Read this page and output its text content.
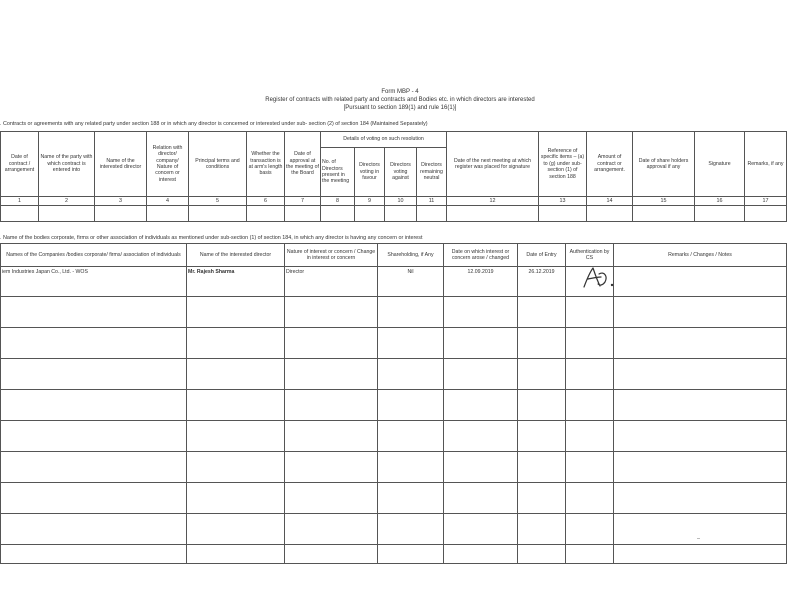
Form MBP - 4
Register of contracts with related party and contracts and Bodies etc. in which directors are interested
[Pursuant to section 189(1) and rule 16(1)]
. Contracts or agreements with any related party under section 188 or in which any director is concerned or interested under sub- section (2) of section 184 (Maintained Separately)
Date of contract / arrangement	Name of the party with which contract is entered into	Name of the interested director	Relation with director/ company/ Nature of concern or interest	Principal terms and conditions	Whether the transaction is at arm's length basis	Date of approval at the meeting of the Board	Details of voting on such resolution				Date of the next meeting at which register was placed for signature	Reference of specific items – (a) to (g) under sub-section (1) of section 188	Amount of contract or arrangement.	Date of share holders approval if any	Signature	Remarks, if any
							No. of Directors present in the meeting	Directors voting in favour	Directors voting against	Directors remaining neutral						
1	2	3	4	5	6	7	8	9	10	11	12	13	14	15	16	17

. Name of the bodies corporate, firms or other association of individuals as mentioned under sub-section (1) of section 184, in which any director is having any concern or interest
Names of the Companies /bodies corporate/ firms/ association of individuals	Name of the interested director	Nature of interest or concern / Change in interest or concern	Shareholding, if Any	Date on which interest or concern arose / changed	Date of Entry	Authentication by CS	Remarks / Changes / Notes
iem Industries Japan Co., Ltd. - WOS	Mr. Rajesh Sharma	Director	Nil	12.09.2019	26.12.2019		
